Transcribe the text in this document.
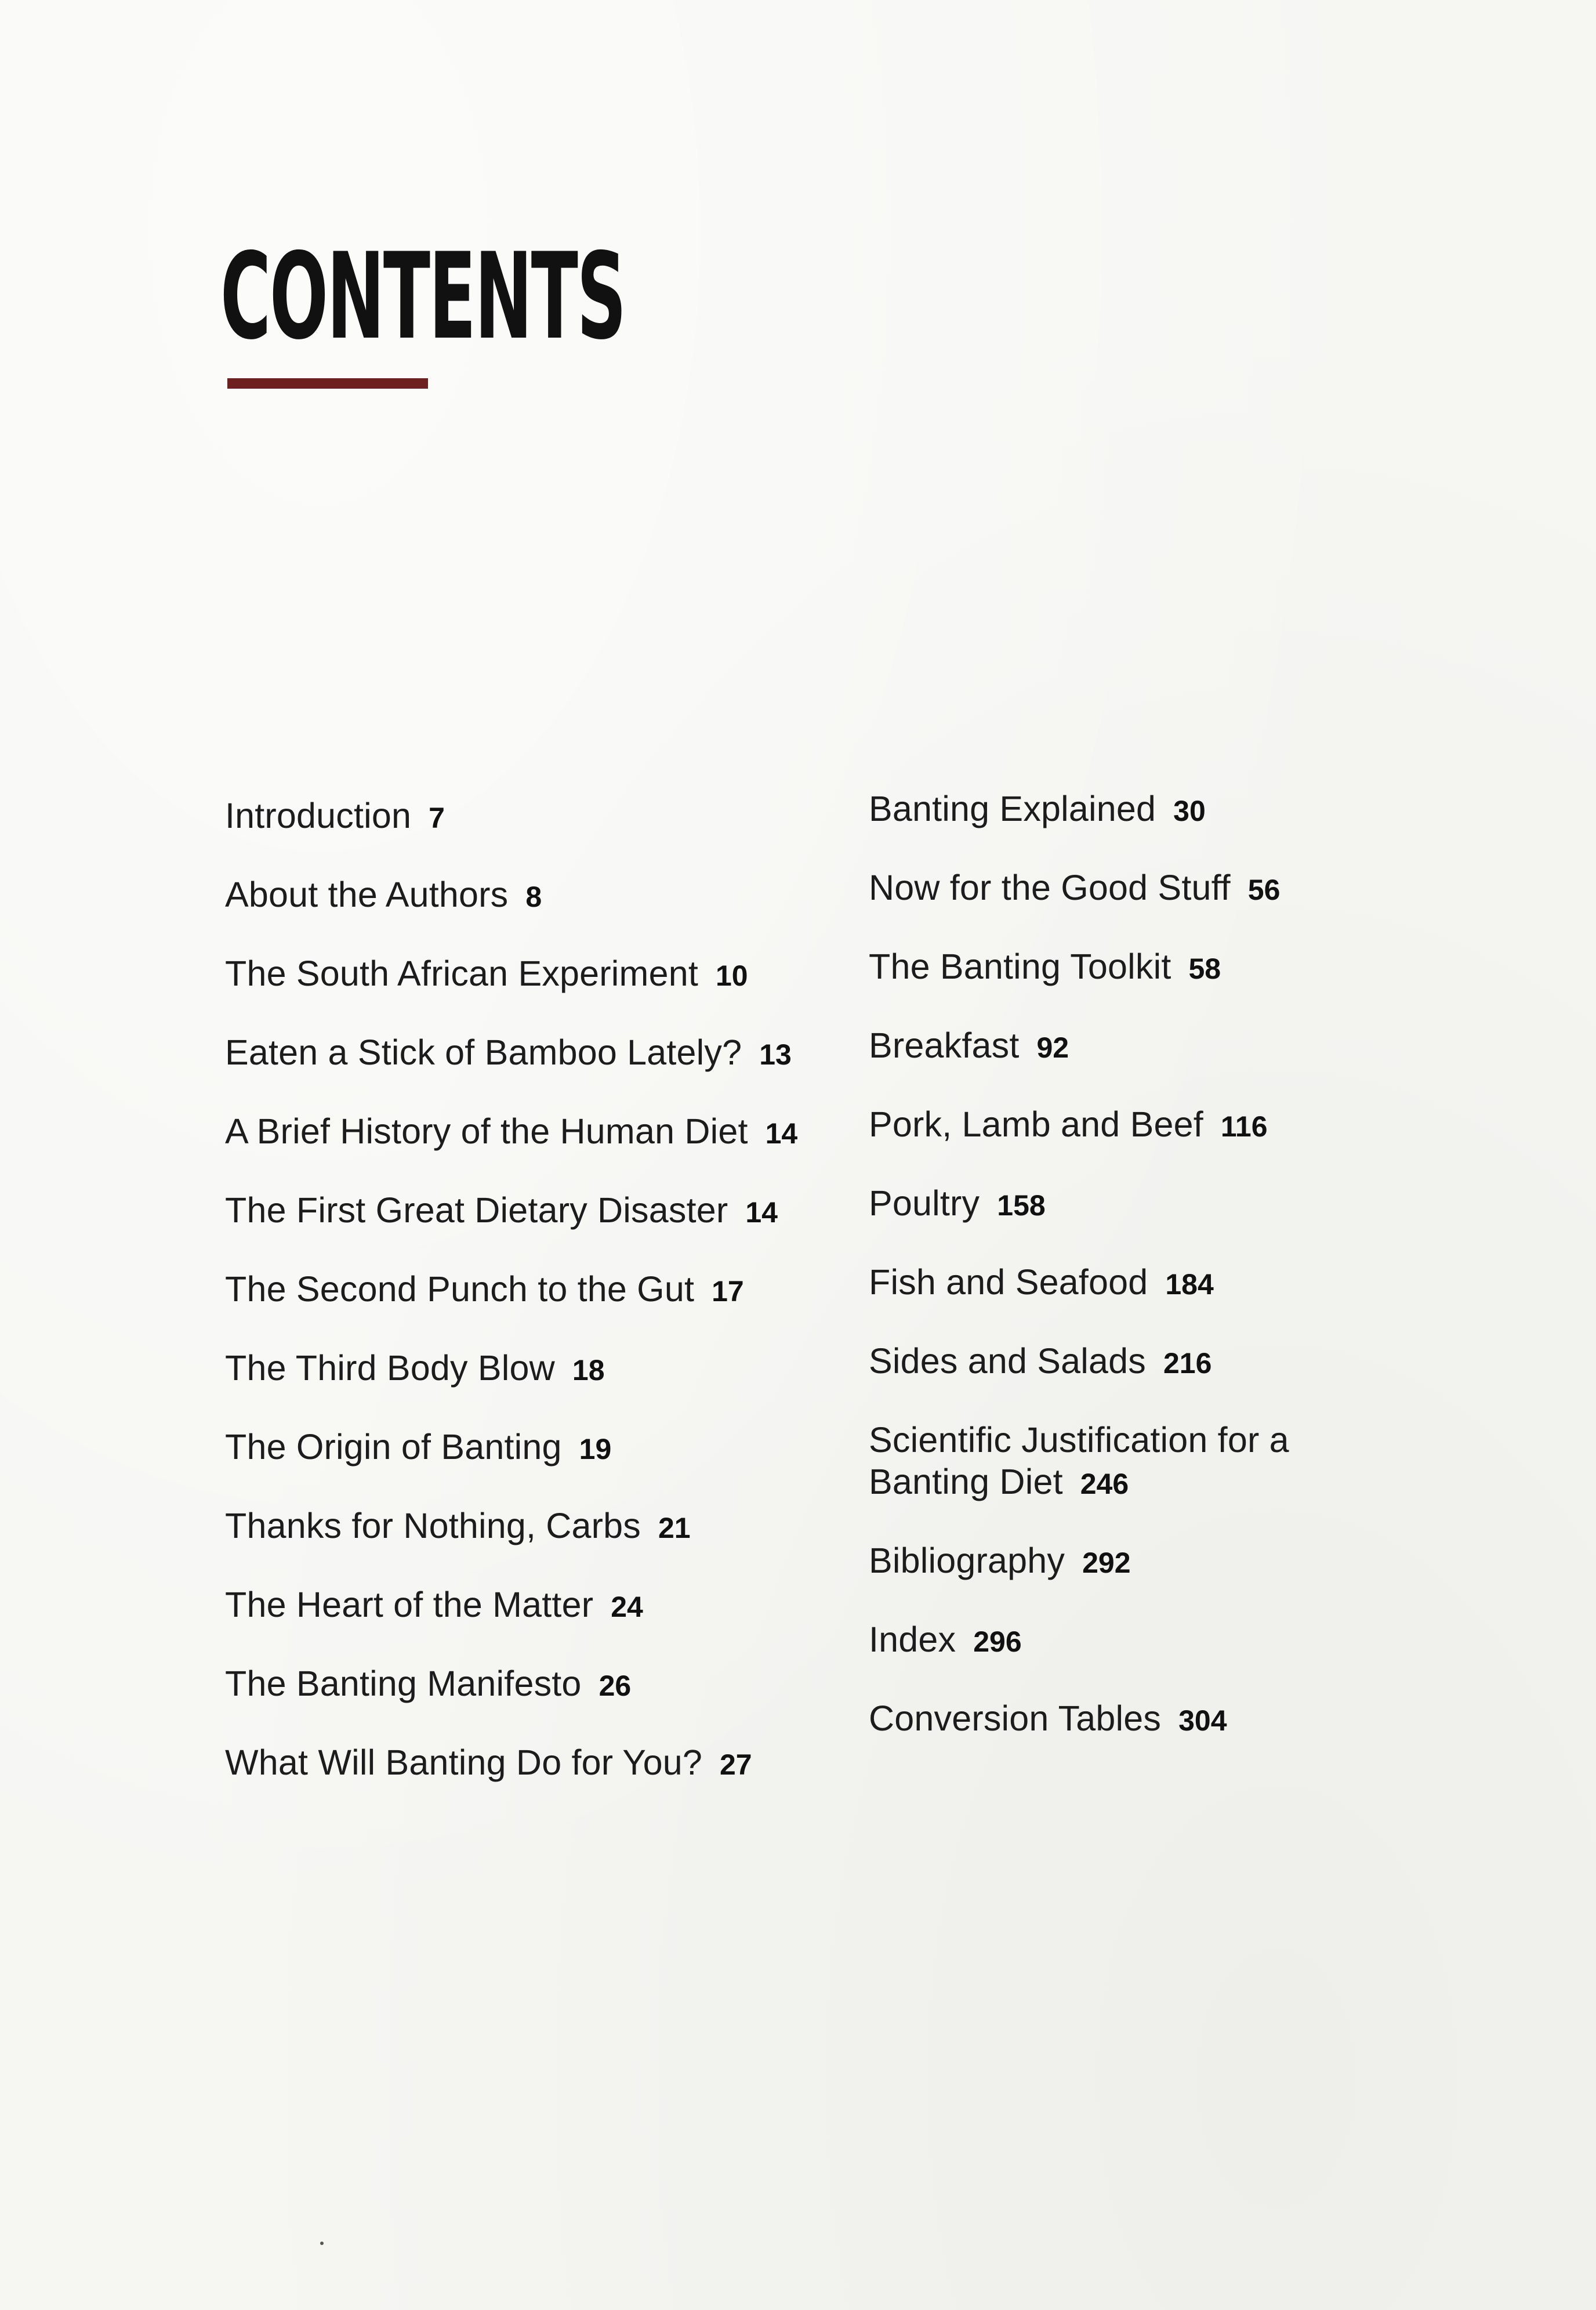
CONTENTS
Introduction 7
About the Authors 8
The South African Experiment 10
Eaten a Stick of Bamboo Lately? 13
A Brief History of the Human Diet 14
The First Great Dietary Disaster 14
The Second Punch to the Gut 17
The Third Body Blow 18
The Origin of Banting 19
Thanks for Nothing, Carbs 21
The Heart of the Matter 24
The Banting Manifesto 26
What Will Banting Do for You? 27
Banting Explained 30
Now for the Good Stuff 56
The Banting Toolkit 58
Breakfast 92
Pork, Lamb and Beef 116
Poultry 158
Fish and Seafood 184
Sides and Salads 216
Scientific Justification for a Banting Diet 246
Bibliography 292
Index 296
Conversion Tables 304
